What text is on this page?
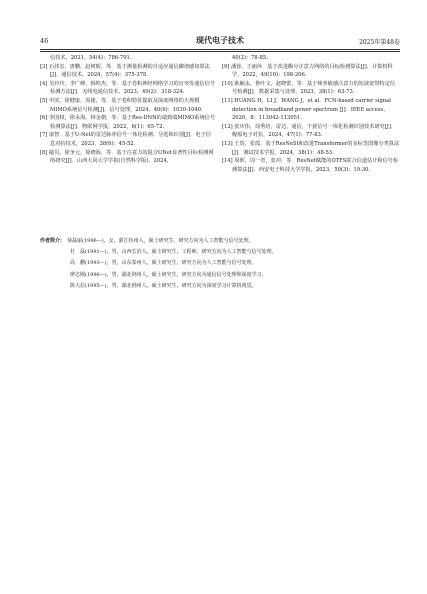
46	现代电子技术	2025年第48卷

信技术，2021，54(4)：786-791.

[3] 石伟宏，唐鹏，赵树晖，等．基于测量检测的自适应通信脚谱感知算法[J]．通信技术，2024，57(4)：375-378.

[4] 吴玲玲，李广峰，韩埠杰，等．基于卷积神经网络学习的盲突发通信信号检测方法[J]．无线电通信技术，2023，49(2)：318-324.

[5] 申滨，徐健康，周捷，等．基于卷积特征提取及深度网络的大规模MIMO系统信号检测[J]．信号处理，2024，40(6)：1030-1040.

[6] 李国权，徐永海，林金朝，等．基于Res-DNN的端到端MIMO系统信号检测算法[J]．物联网学报，2022，6(1)：65-72.

[7] 康智．基于U-Net的雷达脉冲信号一体化检测、分选和识别[J]．电子信息对抗技术，2023，38(6)：45-52.

[8] 磁贝，徐争元，徐晓海，等．基于注意力的混合UNet显著性目标检测网络研究[J]．山西大同大学学报(自然科学版)，2024，

40(2)：78-85.

[9] 潘蓉，王丽萍．基于改进酶分注意力网络的目标检测算法[J]．计算机科学，2022，49(10)：198-206.

[10] 耿娴永，鲁叶文，赵晓蕾，等．基于频率敏感注意力的短波宽带特定信号检测[J]．数据采集与处理，2023，38(1)：63-73.

[11] HUANG H，LI J，WANG J，et al．FCN-based carrier signal detection in broadband power spectrum [J]．IEEE access，2020，8：113042-113051.

[12] 张庆伟，周秀培，雷达，通信，干扰信号一体化检测识别技术研究[J]．舰船电子对抗，2024，47(1)：77-83.

[13] 王贺，张霞．基于ResNeSt和改进Transformer的多标签图像分类算法[J]．测试技术学报，2024，38(1)：48-53.

[14] 周晖，周一青，张冲，等．ResNet赋能的OTFS联合信道估计和信号检测算法[J]．西安电子科技大学学报，2023，50(3)：19-30.

作者简介： 恭磊丽(1996—)，女，浙江杭州人，硕士研究生，研究方向为人工智能与信号处理。
杜　磊(1991—)，男，山西长治人，硕士研究生，工程师，研究方向为人工智能与信号处理。
高　鹏(1993—)，男，山东泰州人，硕士研究生，研究方向为人工智能与信号处理。
廖志刚(1996—)，男，湖北荆州人，硕士研究生，研究方向为通信信号处理和深度学习。
陈大拉(1995—)，男，湖北荆州人，硕士研究生，研究方向为深度学习计算机视觉。
